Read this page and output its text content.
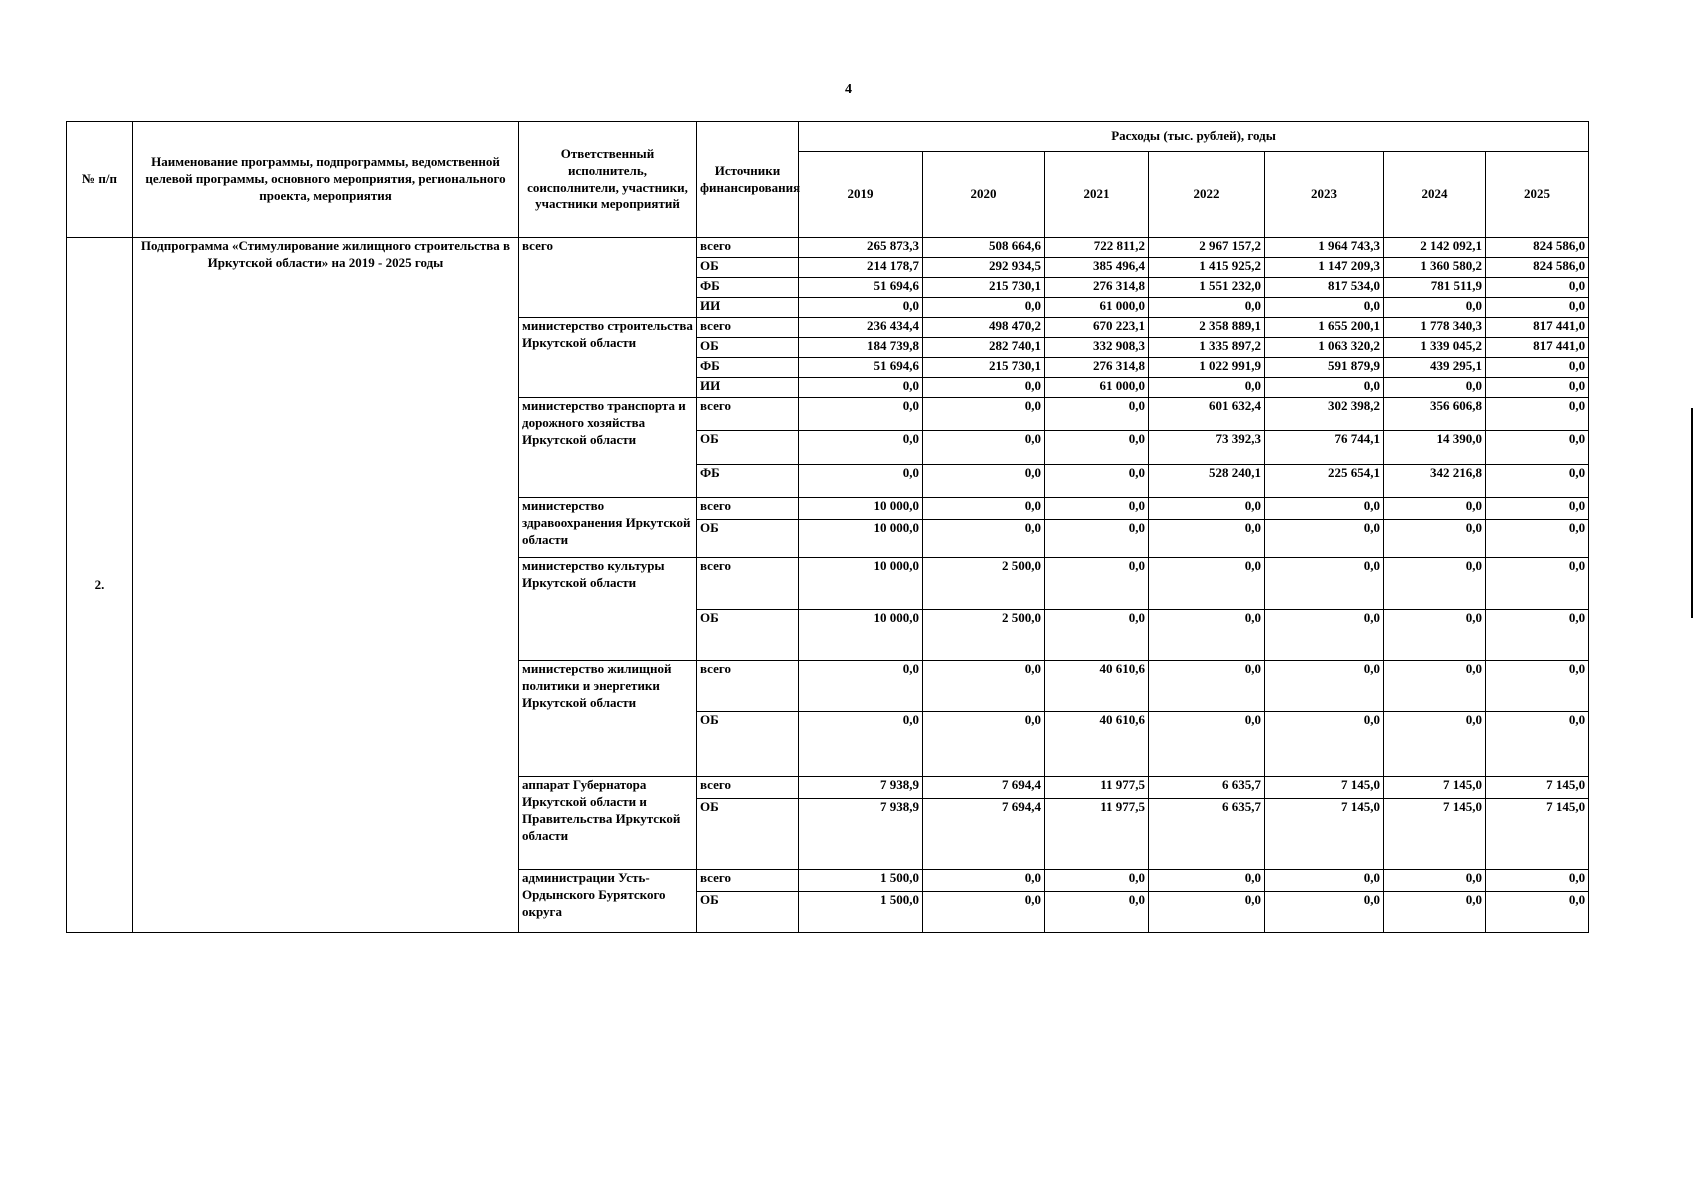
4
№ п/п	Наименование программы, подпрограммы, ведомственной целевой программы, основного мероприятия, регионального проекта, мероприятия	Ответственный исполнитель, соисполнители, участники, участники мероприятий	Источники финансирования	Расходы (тыс. рублей), годы						
				2019	2020	2021	2022	2023	2024	2025
2.	Подпрограмма «Стимулирование жилищного строительства в Иркутской области» на 2019 - 2025 годы	всего	всего	265 873,3	508 664,6	722 811,2	2 967 157,2	1 964 743,3	2 142 092,1	824 586,0
			ОБ	214 178,7	292 934,5	385 496,4	1 415 925,2	1 147 209,3	1 360 580,2	824 586,0
			ФБ	51 694,6	215 730,1	276 314,8	1 551 232,0	817 534,0	781 511,9	0,0
			ИИ	0,0	0,0	61 000,0	0,0	0,0	0,0	0,0
		министерство строительства Иркутской области	всего	236 434,4	498 470,2	670 223,1	2 358 889,1	1 655 200,1	1 778 340,3	817 441,0
			ОБ	184 739,8	282 740,1	332 908,3	1 335 897,2	1 063 320,2	1 339 045,2	817 441,0
			ФБ	51 694,6	215 730,1	276 314,8	1 022 991,9	591 879,9	439 295,1	0,0
			ИИ	0,0	0,0	61 000,0	0,0	0,0	0,0	0,0
		министерство транспорта и дорожного хозяйства Иркутской области	всего	0,0	0,0	0,0	601 632,4	302 398,2	356 606,8	0,0
			ОБ	0,0	0,0	0,0	73 392,3	76 744,1	14 390,0	0,0
			ФБ	0,0	0,0	0,0	528 240,1	225 654,1	342 216,8	0,0
		министерство здравоохранения Иркутской области	всего	10 000,0	0,0	0,0	0,0	0,0	0,0	0,0
			ОБ	10 000,0	0,0	0,0	0,0	0,0	0,0	0,0
		министерство культуры Иркутской области	всего	10 000,0	2 500,0	0,0	0,0	0,0	0,0	0,0
			ОБ	10 000,0	2 500,0	0,0	0,0	0,0	0,0	0,0
		министерство жилищной политики и энергетики Иркутской области	всего	0,0	0,0	40 610,6	0,0	0,0	0,0	0,0
			ОБ	0,0	0,0	40 610,6	0,0	0,0	0,0	0,0
		аппарат Губернатора Иркутской области и Правительства Иркутской области	всего	7 938,9	7 694,4	11 977,5	6 635,7	7 145,0	7 145,0	7 145,0
			ОБ	7 938,9	7 694,4	11 977,5	6 635,7	7 145,0	7 145,0	7 145,0
		администрации Усть-Ордынского Бурятского округа	всего	1 500,0	0,0	0,0	0,0	0,0	0,0	0,0
			ОБ	1 500,0	0,0	0,0	0,0	0,0	0,0	0,0
